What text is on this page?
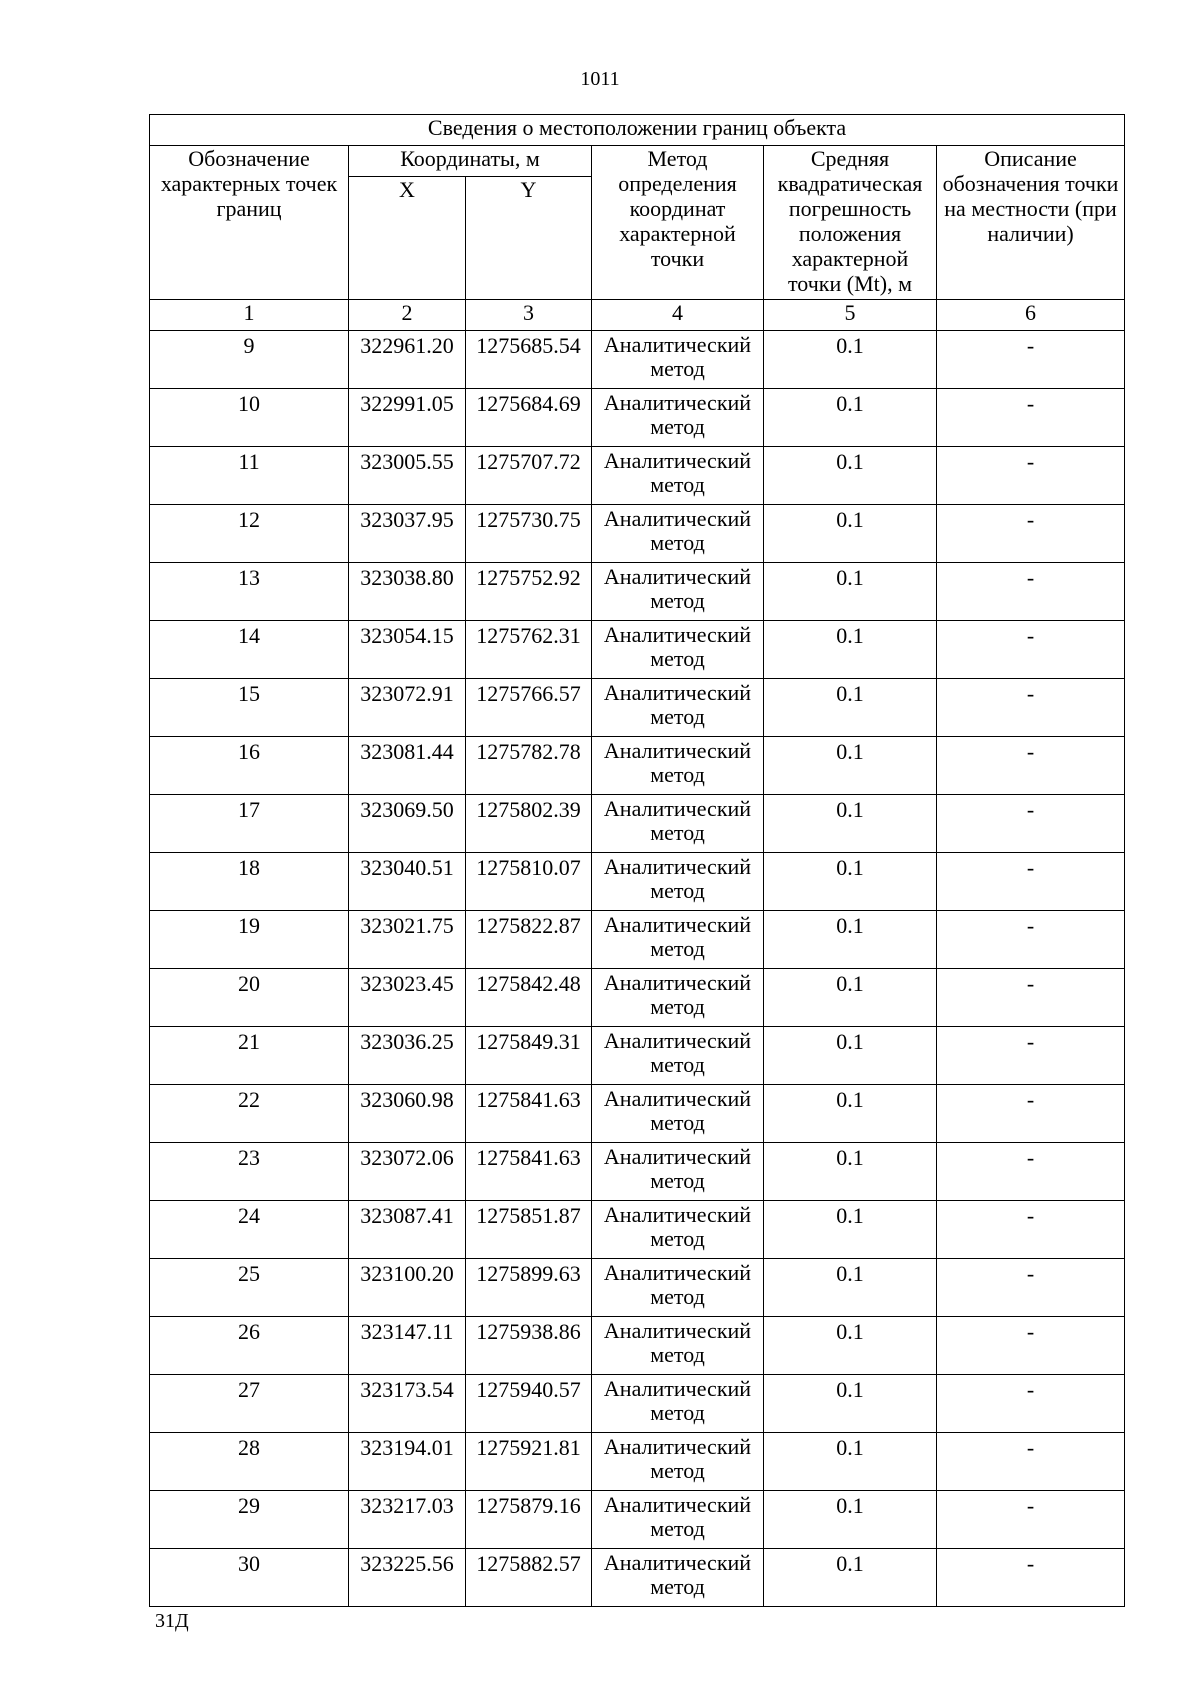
1011
Сведения о местоположении границ объекта					
Обозначение характерных точек границ	Координаты, м		Метод определения координат характерной точки	Средняя квадратическая погрешность положения характерной точки (Mt), м	Описание обозначения точки на местности (при наличии)
	X	Y			
1	2	3	4	5	6
9	322961.20	1275685.54	Аналитический метод	0.1	-
10	322991.05	1275684.69	Аналитический метод	0.1	-
11	323005.55	1275707.72	Аналитический метод	0.1	-
12	323037.95	1275730.75	Аналитический метод	0.1	-
13	323038.80	1275752.92	Аналитический метод	0.1	-
14	323054.15	1275762.31	Аналитический метод	0.1	-
15	323072.91	1275766.57	Аналитический метод	0.1	-
16	323081.44	1275782.78	Аналитический метод	0.1	-
17	323069.50	1275802.39	Аналитический метод	0.1	-
18	323040.51	1275810.07	Аналитический метод	0.1	-
19	323021.75	1275822.87	Аналитический метод	0.1	-
20	323023.45	1275842.48	Аналитический метод	0.1	-
21	323036.25	1275849.31	Аналитический метод	0.1	-
22	323060.98	1275841.63	Аналитический метод	0.1	-
23	323072.06	1275841.63	Аналитический метод	0.1	-
24	323087.41	1275851.87	Аналитический метод	0.1	-
25	323100.20	1275899.63	Аналитический метод	0.1	-
26	323147.11	1275938.86	Аналитический метод	0.1	-
27	323173.54	1275940.57	Аналитический метод	0.1	-
28	323194.01	1275921.81	Аналитический метод	0.1	-
29	323217.03	1275879.16	Аналитический метод	0.1	-
30	323225.56	1275882.57	Аналитический метод	0.1	-
31Д
